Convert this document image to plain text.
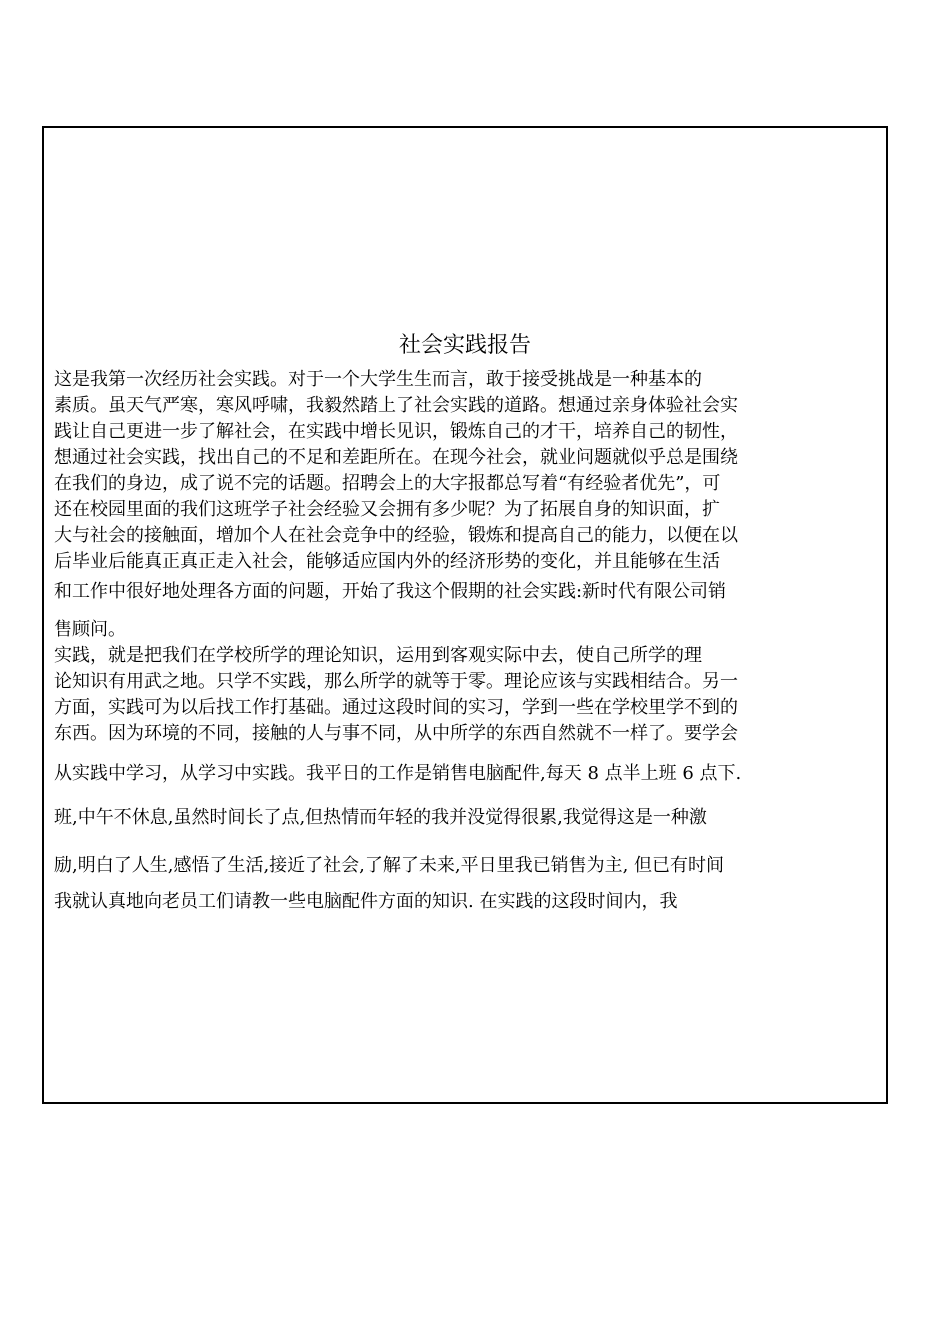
社会实践报告

这是我第一次经历社会实践。对于一个大学生生而言，敢于接受挑战是一种基本的

素质。虽天气严寒，寒风呼啸，我毅然踏上了社会实践的道路。想通过亲身体验社会实

践让自己更进一步了解社会，在实践中增长见识，锻炼自己的才干，培养自己的韧性，

想通过社会实践，找出自己的不足和差距所在。在现今社会，就业问题就似乎总是围绕

在我们的身边，成了说不完的话题。招聘会上的大字报都总写着“有经验者优先”，可

还在校园里面的我们这班学子社会经验又会拥有多少呢？为了拓展自身的知识面，扩

大与社会的接触面，增加个人在社会竞争中的经验，锻炼和提高自己的能力，以便在以

后毕业后能真正真正走入社会，能够适应国内外的经济形势的变化，并且能够在生活

和工作中很好地处理各方面的问题，开始了我这个假期的社会实践:新时代有限公司销

售顾问。

实践，就是把我们在学校所学的理论知识，运用到客观实际中去，使自己所学的理

论知识有用武之地。只学不实践，那么所学的就等于零。理论应该与实践相结合。另一

方面，实践可为以后找工作打基础。通过这段时间的实习，学到一些在学校里学不到的

东西。因为环境的不同，接触的人与事不同，从中所学的东西自然就不一样了。要学会

从实践中学习，从学习中实践。我平日的工作是销售电脑配件,每天 8 点半上班 6 点下.

班,中午不休息,虽然时间长了点,但热情而年轻的我并没觉得很累,我觉得这是一种激

励,明白了人生,感悟了生活,接近了社会,了解了未来,平日里我已销售为主, 但已有时间

我就认真地向老员工们请教一些电脑配件方面的知识. 在实践的这段时间内，我
